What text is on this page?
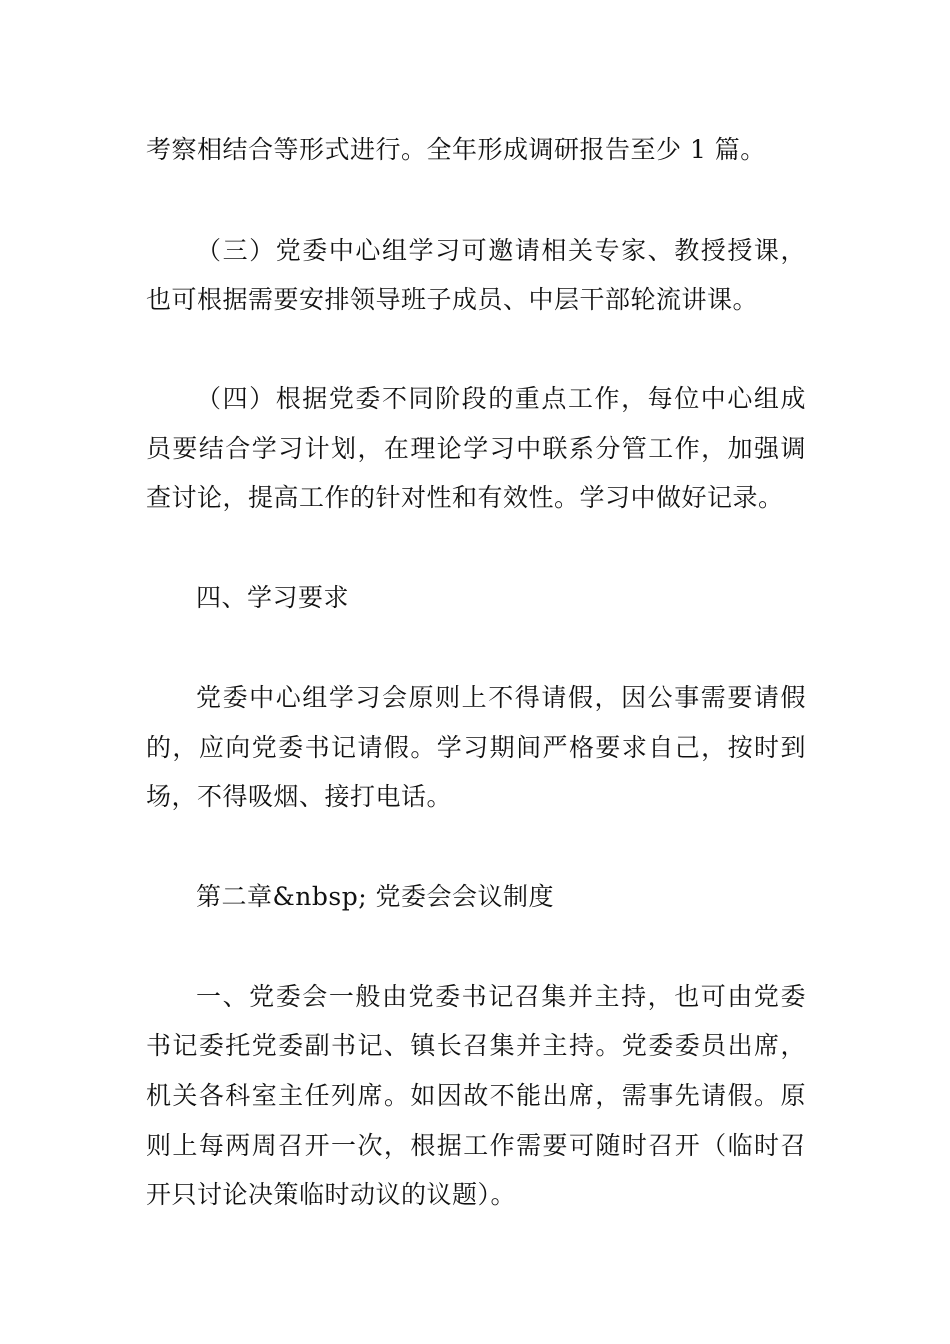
考察相结合等形式进行。全年形成调研报告至少 1 篇。
（三）党委中心组学习可邀请相关专家、教授授课，
也可根据需要安排领导班子成员、中层干部轮流讲课。
（四）根据党委不同阶段的重点工作，每位中心组成
员要结合学习计划，在理论学习中联系分管工作，加强调
查讨论，提高工作的针对性和有效性。学习中做好记录。
四、学习要求
党委中心组学习会原则上不得请假，因公事需要请假
的，应向党委书记请假。学习期间严格要求自己，按时到
场，不得吸烟、接打电话。
第二章&nbsp; 党委会会议制度
一、党委会一般由党委书记召集并主持，也可由党委
书记委托党委副书记、镇长召集并主持。党委委员出席，
机关各科室主任列席。如因故不能出席，需事先请假。原
则上每两周召开一次，根据工作需要可随时召开（临时召
开只讨论决策临时动议的议题）。
